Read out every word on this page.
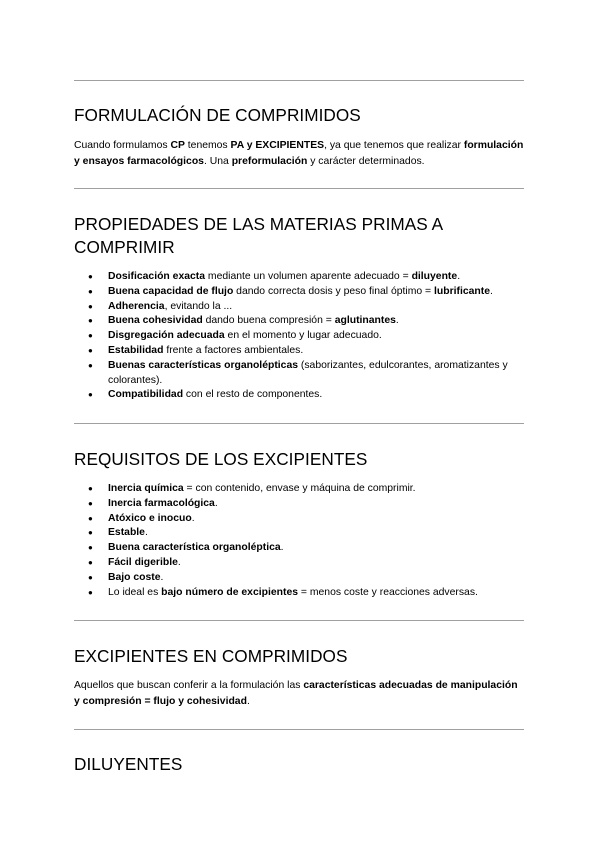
FORMULACIÓN DE COMPRIMIDOS

Cuando formulamos CP tenemos PA y EXCIPIENTES, ya que tenemos que realizar formulación y ensayos farmacológicos. Una preformulación y carácter determinados.

PROPIEDADES DE LAS MATERIAS PRIMAS A COMPRIMIR
● Dosificación exacta mediante un volumen aparente adecuado = diluyente.
● Buena capacidad de flujo dando correcta dosis y peso final óptimo = lubrificante.
● Adherencia, evitando la ...
● Buena cohesividad dando buena compresión = aglutinantes.
● Disgregación adecuada en el momento y lugar adecuado.
● Estabilidad frente a factores ambientales.
● Buenas características organolépticas (saborizantes, edulcorantes, aromatizantes y colorantes).
● Compatibilidad con el resto de componentes.
REQUISITOS DE LOS EXCIPIENTES
● Inercia química = con contenido, envase y máquina de comprimir.
● Inercia farmacológica.
● Atóxico e inocuo.
● Estable.
● Buena característica organoléptica.
● Fácil digerible.
● Bajo coste.
● Lo ideal es bajo número de excipientes = menos coste y reacciones adversas.
EXCIPIENTES EN COMPRIMIDOS

Aquellos que buscan conferir a la formulación las características adecuadas de manipulación y compresión = flujo y cohesividad.

DILUYENTES
